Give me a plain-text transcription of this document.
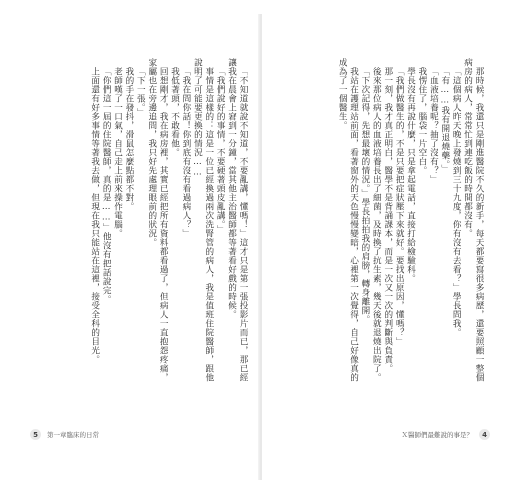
「不知道就說不知道，不要亂講，懂嗎！」這才只是第一張投影片而已，那已經讓我在晨會上窘到一分鐘，當其他主治醫師都等著看好戲的時候。

「我們說好的事情，不要硬著頭皮亂講。」

事情是這樣的：這是一位已經換過兩次洗腎管的病人，我是值班住院醫師，跟他說明了可能要更換的情況……

「我在問你話！你到底有沒有看過病人？」

我低著頭，不敢看他。

回想剛才，我在病房裡，其實已經把所有資料都看過了，但病人一直抱怨疼痛，家屬也在旁邊追問，我只好先處理眼前的狀況。

「下一張。」

我的手在發抖，滑鼠怎麼點都不對。

老師嘆了一口氣，自己走上前來操作電腦。

「你們這一屆的住院醫師，真的是……」他沒有把話說完。

上面還有好多事情等著我去做，但現在我只能站在這裡，接受全科的目光。

5	第一章臨床的日常

那時候，我還只是剛進醫院不久的新手，每天都要寫很多病歷，還要照顧一整個病房的病人，常常忙到連吃飯的時間都沒有。

「這個病人昨天晚上發燒到三十九度，你有沒有去看？」學長問我。

「有……我有開退燒藥。」

「血液培養呢？抽了沒有？」

我愣住了，腦袋一片空白。

學長沒有再說什麼，只是拿起電話，直接打給檢驗科。

「我們做醫生的，不是只要把症狀壓下來就好。要找出原因，懂嗎？」

那一刻，我才真正明白，醫學不是背誦課本，而是一次又一次的判斷與負責。

後來那位病人的血液培養長出了細菌，及時換了抗生素，幾天後就退燒出院了。

「下次記得，先想最壞的情況。」學長拍拍我的肩膀，轉身離開。

我站在護理站前面，看著窗外的天色慢慢變暗，心裡第一次覺得，自己好像真的成為了一個醫生。

Ｘ醫師們最難說的事是？	4
